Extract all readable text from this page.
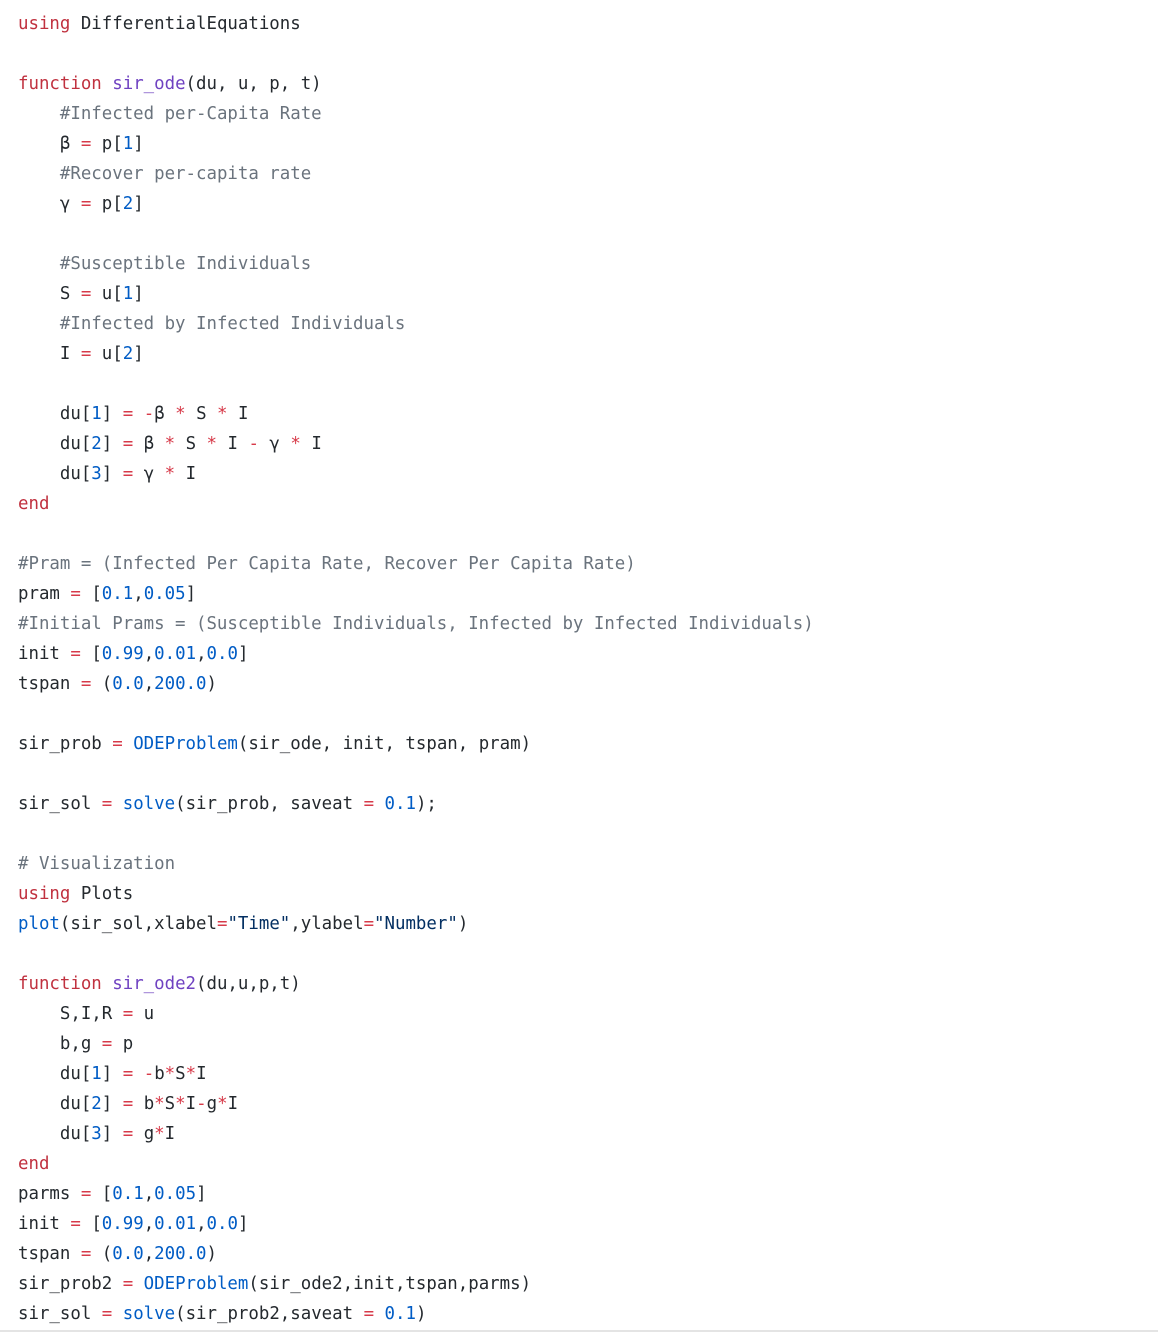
using DifferentialEquations

function sir_ode(du, u, p, t)
#Infected per-Capita Rate
β = p[1]
#Recover per-capita rate
γ = p[2]

#Susceptible Individuals
S = u[1]
#Infected by Infected Individuals
I = u[2]

du[1] = -β * S * I
du[2] = β * S * I - γ * I
du[3] = γ * I
end

#Pram = (Infected Per Capita Rate, Recover Per Capita Rate)
pram = [0.1,0.05]
#Initial Prams = (Susceptible Individuals, Infected by Infected Individuals)
init = [0.99,0.01,0.0]
tspan = (0.0,200.0)

sir_prob = ODEProblem(sir_ode, init, tspan, pram)

sir_sol = solve(sir_prob, saveat = 0.1);

# Visualization
using Plots
plot(sir_sol,xlabel="Time",ylabel="Number")

function sir_ode2(du,u,p,t)
S,I,R = u
b,g = p
du[1] = -b*S*I
du[2] = b*S*I-g*I
du[3] = g*I
end
parms = [0.1,0.05]
init = [0.99,0.01,0.0]
tspan = (0.0,200.0)
sir_prob2 = ODEProblem(sir_ode2,init,tspan,parms)
sir_sol = solve(sir_prob2,saveat = 0.1)
